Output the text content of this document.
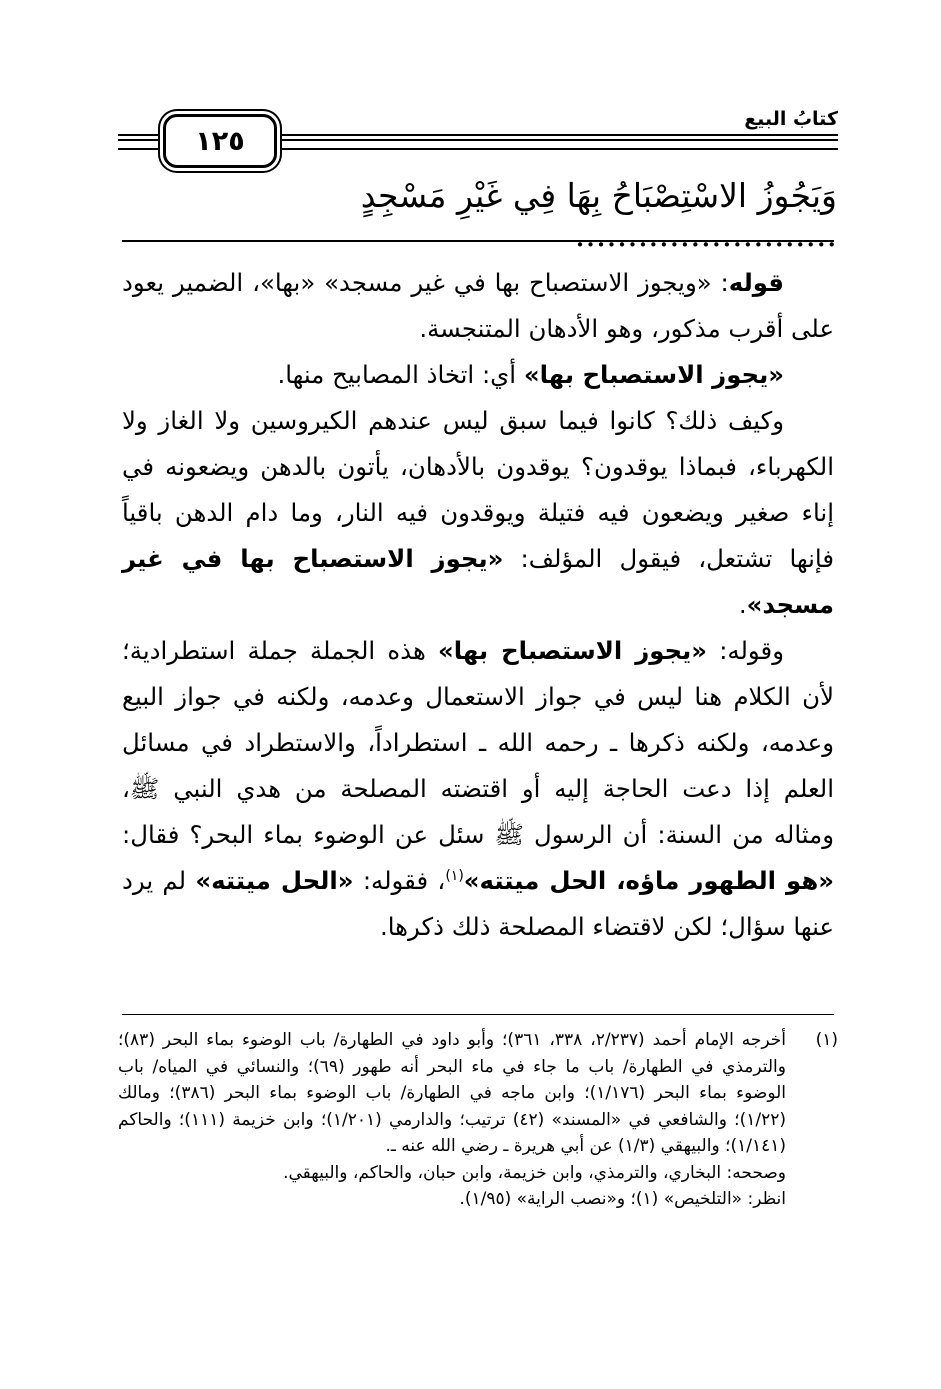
١٢٥
كتابُ البيع
وَيَجُوزُ الاسْتِصْبَاحُ بِهَا فِي غَيْرِ مَسْجِدٍ .........................

قوله: «ويجوز الاستصباح بها في غير مسجد» «بها»، الضمير يعود على أقرب مذكور، وهو الأدهان المتنجسة.

«يجوز الاستصباح بها» أي: اتخاذ المصابيح منها.

وكيف ذلك؟ كانوا فيما سبق ليس عندهم الكيروسين ولا الغاز ولا الكهرباء، فبماذا يوقدون؟ يوقدون بالأدهان، يأتون بالدهن ويضعونه في إناء صغير ويضعون فيه فتيلة ويوقدون فيه النار، وما دام الدهن باقياً فإنها تشتعل، فيقول المؤلف: «يجوز الاستصباح بها في غير مسجد».

وقوله: «يجوز الاستصباح بها» هذه الجملة جملة استطرادية؛ لأن الكلام هنا ليس في جواز الاستعمال وعدمه، ولكنه في جواز البيع وعدمه، ولكنه ذكرها ـ رحمه الله ـ استطراداً، والاستطراد في مسائل العلم إذا دعت الحاجة إليه أو اقتضته المصلحة من هدي النبي ﷺ، ومثاله من السنة: أن الرسول ﷺ سئل عن الوضوء بماء البحر؟ فقال: «هو الطهور ماؤه، الحل ميتته»$^{(١)}$، فقوله: «الحل ميتته» لم يرد عنها سؤال؛ لكن لاقتضاء المصلحة ذلك ذكرها.

(١)

أخرجه الإمام أحمد (٢/٢٣٧، ٣٣٨، ٣٦١)؛ وأبو داود في الطهارة/ باب الوضوء بماء البحر (٨٣)؛ والترمذي في الطهارة/ باب ما جاء في ماء البحر أنه طهور (٦٩)؛ والنسائي في المياه/ باب الوضوء بماء البحر (١/١٧٦)؛ وابن ماجه في الطهارة/ باب الوضوء بماء البحر (٣٨٦)؛ ومالك (١/٢٢)؛ والشافعي في «المسند» (٤٢) ترتيب؛ والدارمي (١/٢٠١)؛ وابن خزيمة (١١١)؛ والحاكم (١/١٤١)؛ والبيهقي (١/٣) عن أبي هريرة ـ رضي الله عنه ـ.

وصححه: البخاري، والترمذي، وابن خزيمة، وابن حبان، والحاكم، والبيهقي.

انظر: «التلخيص» (١)؛ و«نصب الراية» (١/٩٥).
